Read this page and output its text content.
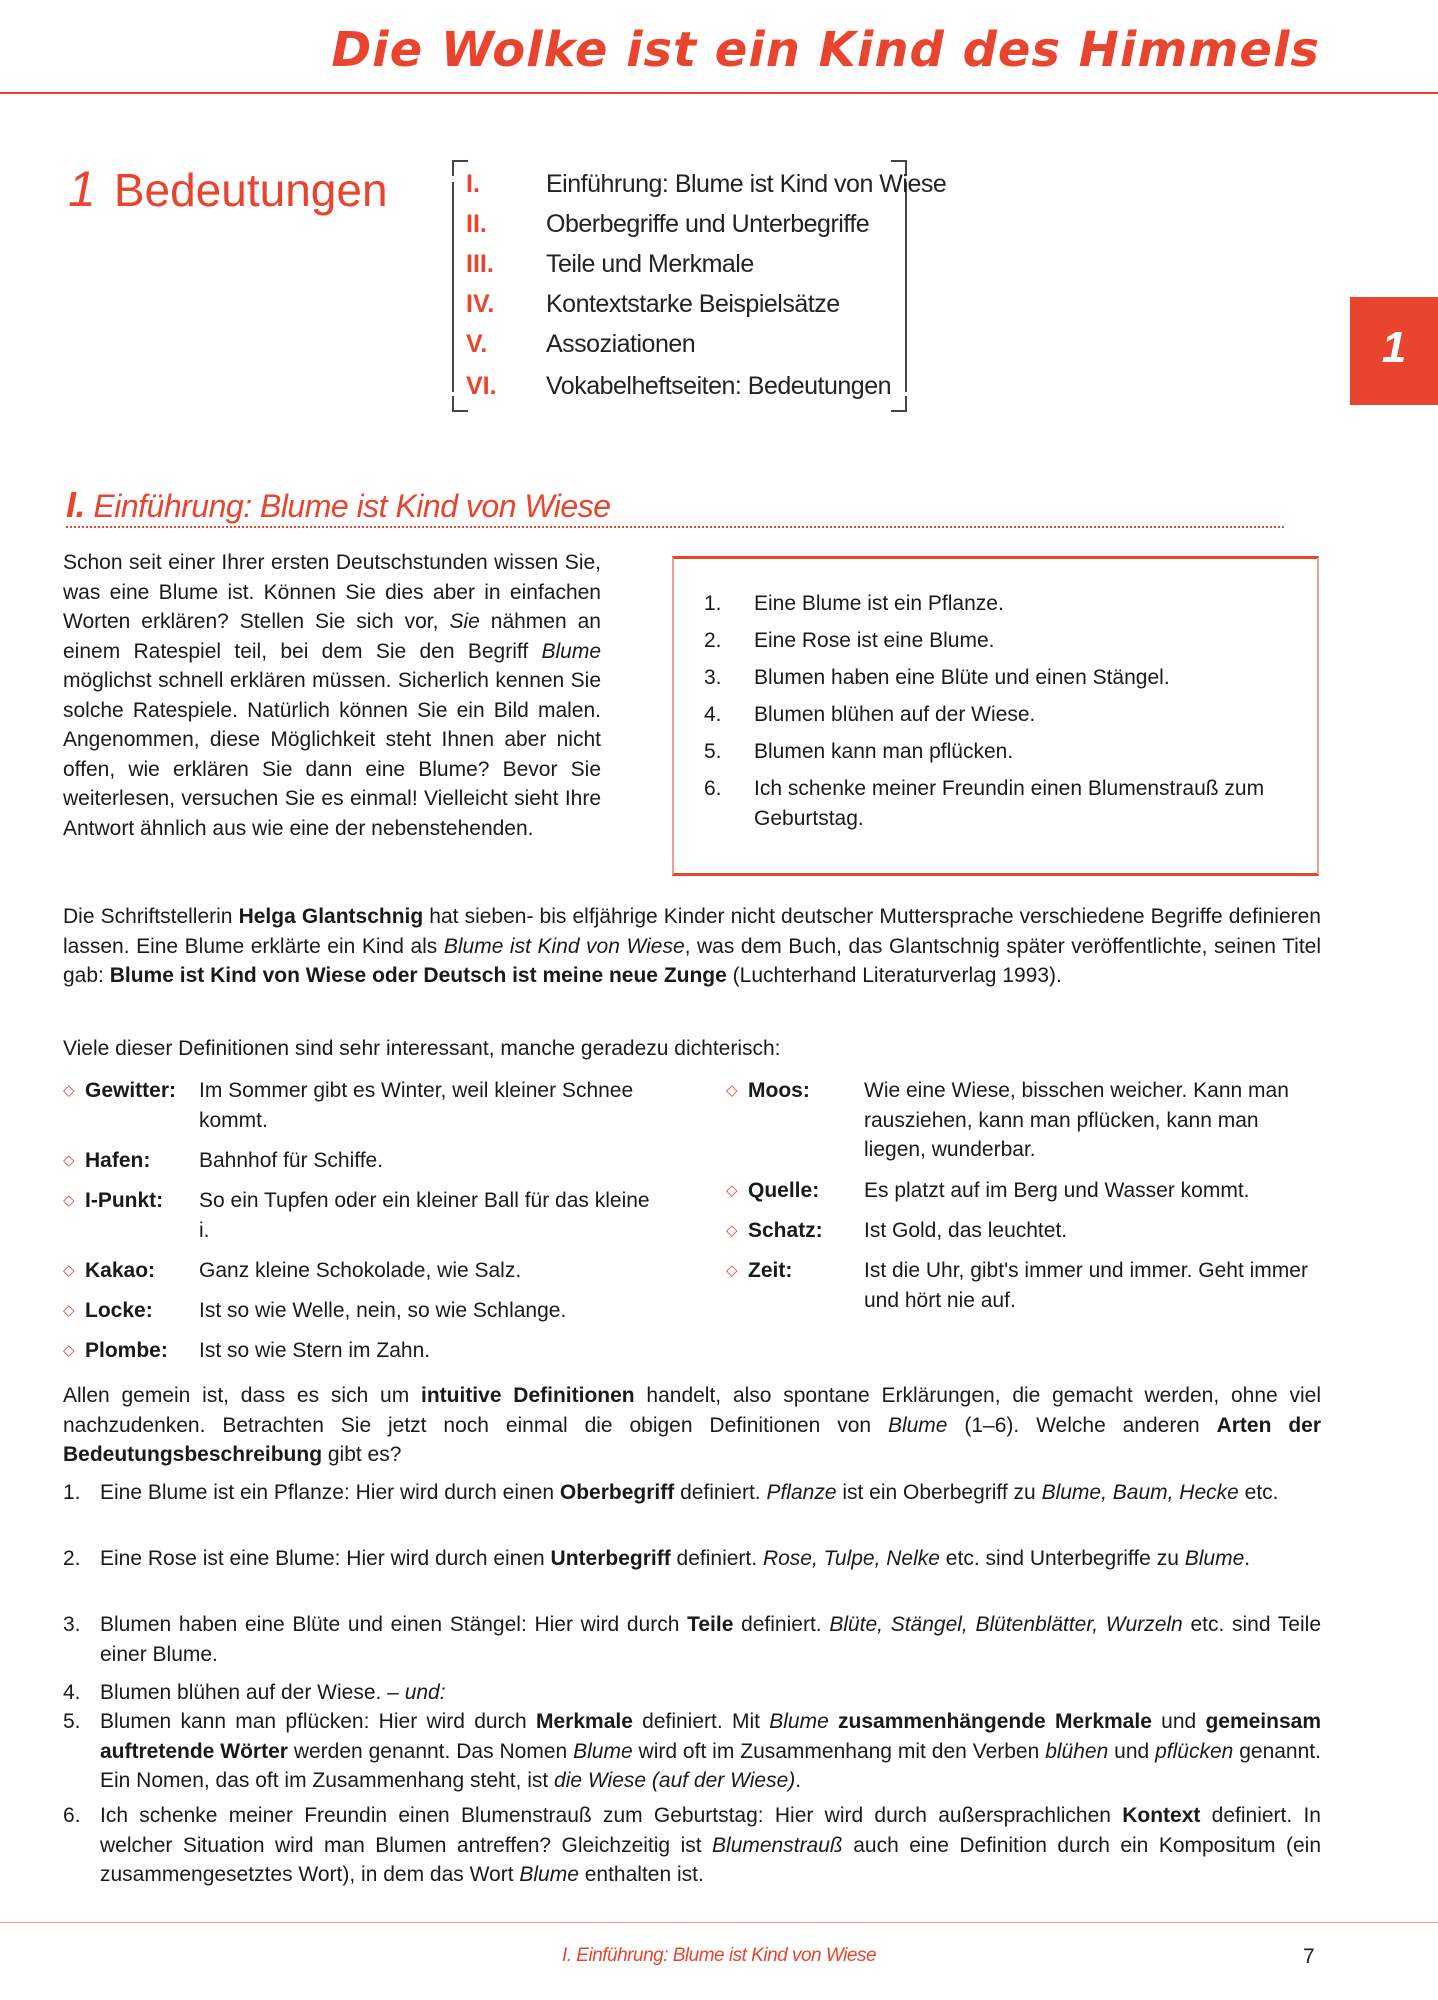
Die Wolke ist ein Kind des Himmels
1 Bedeutungen	I.	Einführung: Blume ist Kind von Wiese
II.	Oberbegriffe und Unterbegriffe
III.	Teile und Merkmale
IV.	Kontextstarke Beispielsätze
V.	Assoziationen
VI.	Vokabelheftseiten: Bedeutungen
1
I. Einführung: Blume ist Kind von Wiese
Schon seit einer Ihrer ersten Deutschstunden wissen Sie, was eine Blume ist. Können Sie dies aber in einfachen Worten erklären? Stellen Sie sich vor, Sie nähmen an einem Ratespiel teil, bei dem Sie den Begriff Blume möglichst schnell erklären müssen. Sicherlich kennen Sie solche Ratespiele. Natürlich können Sie ein Bild malen. Angenommen, diese Möglichkeit steht Ihnen aber nicht offen, wie erklären Sie dann eine Blume? Bevor Sie weiterlesen, versuchen Sie es einmal! Vielleicht sieht Ihre Antwort ähnlich aus wie eine der nebenstehenden.
1.	Eine Blume ist ein Pflanze.
2.	Eine Rose ist eine Blume.
3.	Blumen haben eine Blüte und einen Stängel.
4.	Blumen blühen auf der Wiese.
5.	Blumen kann man pflücken.
6.	Ich schenke meiner Freundin einen Blumenstrauß zum Geburtstag.
Die Schriftstellerin Helga Glantschnig hat sieben- bis elfjährige Kinder nicht deutscher Muttersprache verschiedene Begriffe definieren lassen. Eine Blume erklärte ein Kind als Blume ist Kind von Wiese, was dem Buch, das Glantschnig später veröffentlichte, seinen Titel gab: Blume ist Kind von Wiese oder Deutsch ist meine neue Zunge (Luchterhand Literaturverlag 1993).
Viele dieser Definitionen sind sehr interessant, manche geradezu dichterisch:
◇ Gewitter: Im Sommer gibt es Winter, weil kleiner Schnee kommt.
◇ Hafen: Bahnhof für Schiffe.
◇ I-Punkt: So ein Tupfen oder ein kleiner Ball für das kleine i.
◇ Kakao: Ganz kleine Schokolade, wie Salz.
◇ Locke: Ist so wie Welle, nein, so wie Schlange.
◇ Plombe: Ist so wie Stern im Zahn.
◇ Moos:	Wie eine Wiese, bisschen weicher. Kann man rausziehen, kann man pflücken, kann man liegen, wunderbar.
◇ Quelle: Es platzt auf im Berg und Wasser kommt.
◇ Schatz: Ist Gold, das leuchtet.
◇ Zeit:	Ist die Uhr, gibt's immer und immer. Geht immer und hört nie auf.
Allen gemein ist, dass es sich um intuitive Definitionen handelt, also spontane Erklärungen, die gemacht werden, ohne viel nachzudenken. Betrachten Sie jetzt noch einmal die obigen Definitionen von Blume (1–6). Welche anderen Arten der Bedeutungsbeschreibung gibt es?
1. Eine Blume ist ein Pflanze: Hier wird durch einen Oberbegriff definiert. Pflanze ist ein Oberbegriff zu Blume, Baum, Hecke etc.
2. Eine Rose ist eine Blume: Hier wird durch einen Unterbegriff definiert. Rose, Tulpe, Nelke etc. sind Unterbegriffe zu Blume.
3. Blumen haben eine Blüte und einen Stängel: Hier wird durch Teile definiert. Blüte, Stängel, Blütenblätter, Wurzeln etc. sind Teile einer Blume.
4. Blumen blühen auf der Wiese. – und:
5. Blumen kann man pflücken: Hier wird durch Merkmale definiert. Mit Blume zusammenhängende Merkmale und gemeinsam auftretende Wörter werden genannt. Das Nomen Blume wird oft im Zusammenhang mit den Verben blühen und pflücken genannt. Ein Nomen, das oft im Zusammenhang steht, ist die Wiese (auf der Wiese).
6. Ich schenke meiner Freundin einen Blumenstrauß zum Geburtstag: Hier wird durch außersprachlichen Kontext definiert. In welcher Situation wird man Blumen antreffen? Gleichzeitig ist Blumenstrauß auch eine Definition durch ein Kompositum (ein zusammengesetztes Wort), in dem das Wort Blume enthalten ist.
I. Einführung: Blume ist Kind von Wiese	7
